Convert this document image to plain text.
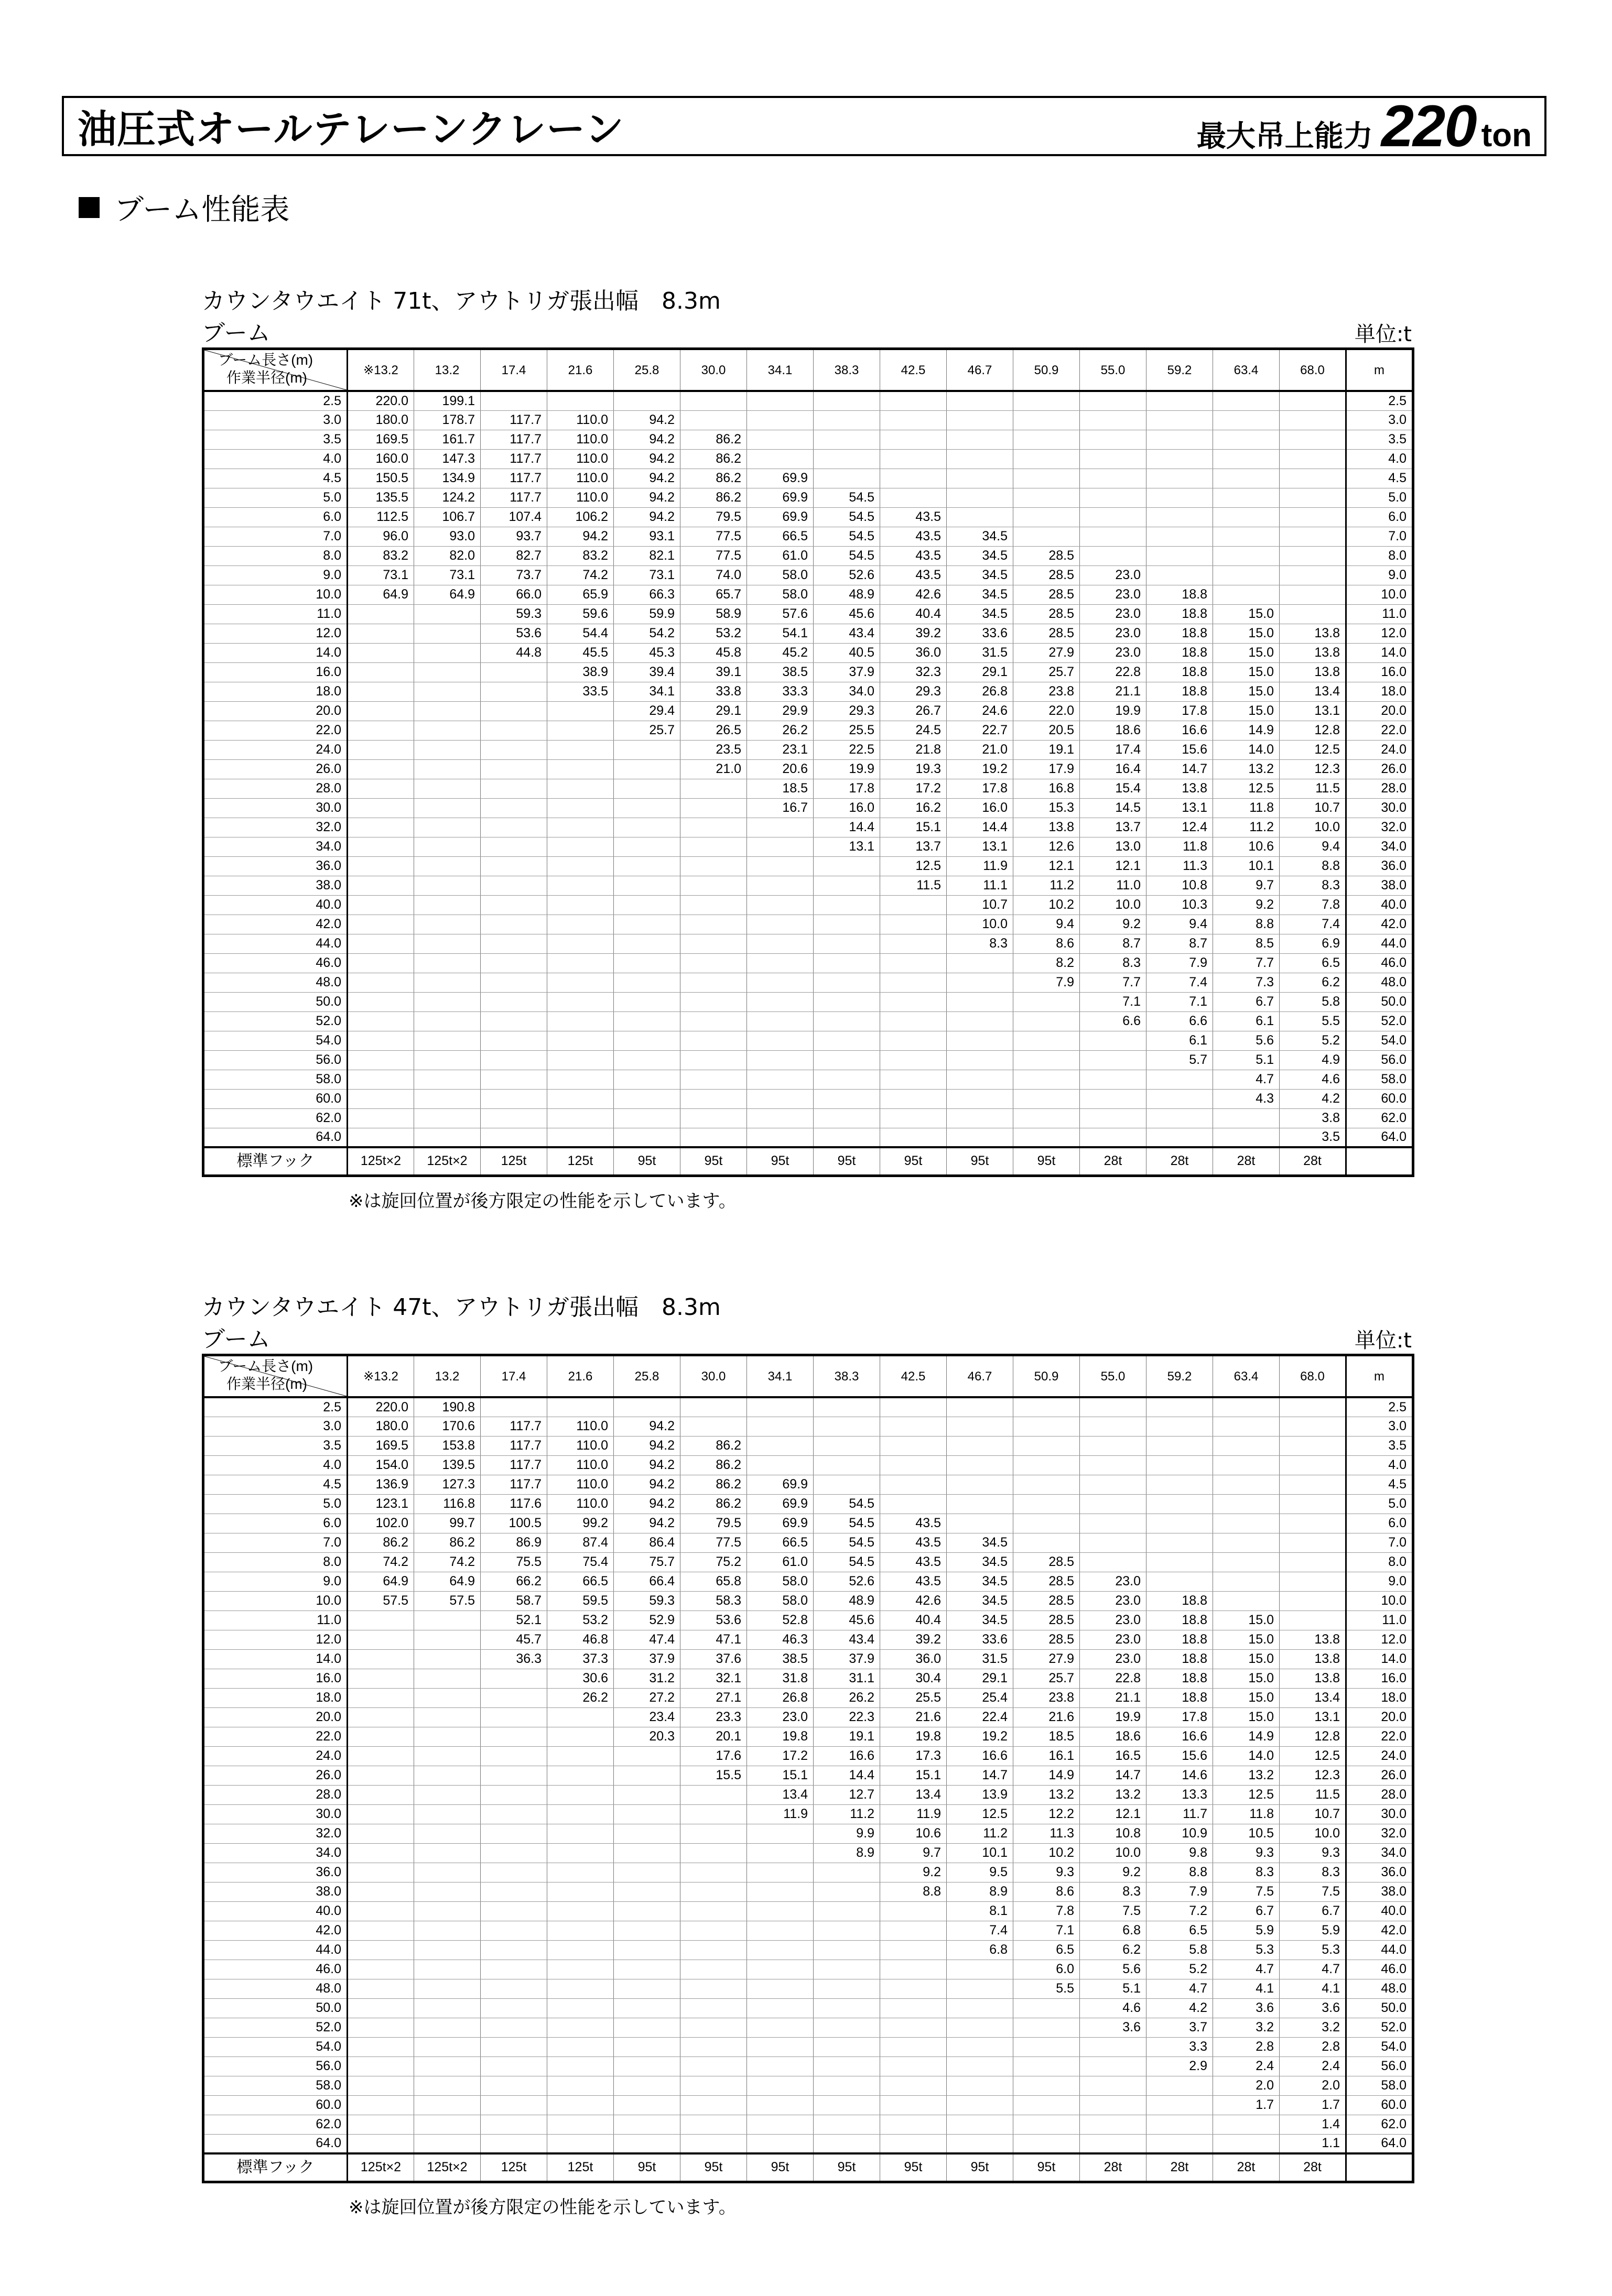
油圧式オールテレーンクレーン	最大吊上能力 220 ton
ブーム性能表
カウンタウエイト 71t、アウトリガ張出幅　8.3m
ブーム	単位:t
ブーム長さ(m)
作業半径(m)	※13.2	13.2	17.4	21.6	25.8	30.0	34.1	38.3	42.5	46.7	50.9	55.0	59.2	63.4	68.0	m
2.5	220.0	199.1														2.5
3.0	180.0	178.7	117.7	110.0	94.2											3.0
3.5	169.5	161.7	117.7	110.0	94.2	86.2										3.5
4.0	160.0	147.3	117.7	110.0	94.2	86.2										4.0
4.5	150.5	134.9	117.7	110.0	94.2	86.2	69.9									4.5
5.0	135.5	124.2	117.7	110.0	94.2	86.2	69.9	54.5								5.0
6.0	112.5	106.7	107.4	106.2	94.2	79.5	69.9	54.5	43.5							6.0
7.0	96.0	93.0	93.7	94.2	93.1	77.5	66.5	54.5	43.5	34.5						7.0
8.0	83.2	82.0	82.7	83.2	82.1	77.5	61.0	54.5	43.5	34.5	28.5					8.0
9.0	73.1	73.1	73.7	74.2	73.1	74.0	58.0	52.6	43.5	34.5	28.5	23.0				9.0
10.0	64.9	64.9	66.0	65.9	66.3	65.7	58.0	48.9	42.6	34.5	28.5	23.0	18.8			10.0
11.0			59.3	59.6	59.9	58.9	57.6	45.6	40.4	34.5	28.5	23.0	18.8	15.0		11.0
12.0			53.6	54.4	54.2	53.2	54.1	43.4	39.2	33.6	28.5	23.0	18.8	15.0	13.8	12.0
14.0			44.8	45.5	45.3	45.8	45.2	40.5	36.0	31.5	27.9	23.0	18.8	15.0	13.8	14.0
16.0				38.9	39.4	39.1	38.5	37.9	32.3	29.1	25.7	22.8	18.8	15.0	13.8	16.0
18.0				33.5	34.1	33.8	33.3	34.0	29.3	26.8	23.8	21.1	18.8	15.0	13.4	18.0
20.0					29.4	29.1	29.9	29.3	26.7	24.6	22.0	19.9	17.8	15.0	13.1	20.0
22.0					25.7	26.5	26.2	25.5	24.5	22.7	20.5	18.6	16.6	14.9	12.8	22.0
24.0						23.5	23.1	22.5	21.8	21.0	19.1	17.4	15.6	14.0	12.5	24.0
26.0						21.0	20.6	19.9	19.3	19.2	17.9	16.4	14.7	13.2	12.3	26.0
28.0							18.5	17.8	17.2	17.8	16.8	15.4	13.8	12.5	11.5	28.0
30.0							16.7	16.0	16.2	16.0	15.3	14.5	13.1	11.8	10.7	30.0
32.0								14.4	15.1	14.4	13.8	13.7	12.4	11.2	10.0	32.0
34.0								13.1	13.7	13.1	12.6	13.0	11.8	10.6	9.4	34.0
36.0									12.5	11.9	12.1	12.1	11.3	10.1	8.8	36.0
38.0									11.5	11.1	11.2	11.0	10.8	9.7	8.3	38.0
40.0										10.7	10.2	10.0	10.3	9.2	7.8	40.0
42.0										10.0	9.4	9.2	9.4	8.8	7.4	42.0
44.0										8.3	8.6	8.7	8.7	8.5	6.9	44.0
46.0											8.2	8.3	7.9	7.7	6.5	46.0
48.0											7.9	7.7	7.4	7.3	6.2	48.0
50.0												7.1	7.1	6.7	5.8	50.0
52.0												6.6	6.6	6.1	5.5	52.0
54.0													6.1	5.6	5.2	54.0
56.0													5.7	5.1	4.9	56.0
58.0														4.7	4.6	58.0
60.0														4.3	4.2	60.0
62.0															3.8	62.0
64.0															3.5	64.0
標準フック	125t×2	125t×2	125t	125t	95t	95t	95t	95t	95t	95t	95t	28t	28t	28t	28t	
※は旋回位置が後方限定の性能を示しています。
カウンタウエイト 47t、アウトリガ張出幅　8.3m
ブーム	単位:t
ブーム長さ(m)
作業半径(m)	※13.2	13.2	17.4	21.6	25.8	30.0	34.1	38.3	42.5	46.7	50.9	55.0	59.2	63.4	68.0	m
2.5	220.0	190.8														2.5
3.0	180.0	170.6	117.7	110.0	94.2											3.0
3.5	169.5	153.8	117.7	110.0	94.2	86.2										3.5
4.0	154.0	139.5	117.7	110.0	94.2	86.2										4.0
4.5	136.9	127.3	117.7	110.0	94.2	86.2	69.9									4.5
5.0	123.1	116.8	117.6	110.0	94.2	86.2	69.9	54.5								5.0
6.0	102.0	99.7	100.5	99.2	94.2	79.5	69.9	54.5	43.5							6.0
7.0	86.2	86.2	86.9	87.4	86.4	77.5	66.5	54.5	43.5	34.5						7.0
8.0	74.2	74.2	75.5	75.4	75.7	75.2	61.0	54.5	43.5	34.5	28.5					8.0
9.0	64.9	64.9	66.2	66.5	66.4	65.8	58.0	52.6	43.5	34.5	28.5	23.0				9.0
10.0	57.5	57.5	58.7	59.5	59.3	58.3	58.0	48.9	42.6	34.5	28.5	23.0	18.8			10.0
11.0			52.1	53.2	52.9	53.6	52.8	45.6	40.4	34.5	28.5	23.0	18.8	15.0		11.0
12.0			45.7	46.8	47.4	47.1	46.3	43.4	39.2	33.6	28.5	23.0	18.8	15.0	13.8	12.0
14.0			36.3	37.3	37.9	37.6	38.5	37.9	36.0	31.5	27.9	23.0	18.8	15.0	13.8	14.0
16.0				30.6	31.2	32.1	31.8	31.1	30.4	29.1	25.7	22.8	18.8	15.0	13.8	16.0
18.0				26.2	27.2	27.1	26.8	26.2	25.5	25.4	23.8	21.1	18.8	15.0	13.4	18.0
20.0					23.4	23.3	23.0	22.3	21.6	22.4	21.6	19.9	17.8	15.0	13.1	20.0
22.0					20.3	20.1	19.8	19.1	19.8	19.2	18.5	18.6	16.6	14.9	12.8	22.0
24.0						17.6	17.2	16.6	17.3	16.6	16.1	16.5	15.6	14.0	12.5	24.0
26.0						15.5	15.1	14.4	15.1	14.7	14.9	14.7	14.6	13.2	12.3	26.0
28.0							13.4	12.7	13.4	13.9	13.2	13.2	13.3	12.5	11.5	28.0
30.0							11.9	11.2	11.9	12.5	12.2	12.1	11.7	11.8	10.7	30.0
32.0								9.9	10.6	11.2	11.3	10.8	10.9	10.5	10.0	32.0
34.0								8.9	9.7	10.1	10.2	10.0	9.8	9.3	9.3	34.0
36.0									9.2	9.5	9.3	9.2	8.8	8.3	8.3	36.0
38.0									8.8	8.9	8.6	8.3	7.9	7.5	7.5	38.0
40.0										8.1	7.8	7.5	7.2	6.7	6.7	40.0
42.0										7.4	7.1	6.8	6.5	5.9	5.9	42.0
44.0										6.8	6.5	6.2	5.8	5.3	5.3	44.0
46.0											6.0	5.6	5.2	4.7	4.7	46.0
48.0											5.5	5.1	4.7	4.1	4.1	48.0
50.0												4.6	4.2	3.6	3.6	50.0
52.0												3.6	3.7	3.2	3.2	52.0
54.0													3.3	2.8	2.8	54.0
56.0													2.9	2.4	2.4	56.0
58.0														2.0	2.0	58.0
60.0														1.7	1.7	60.0
62.0															1.4	62.0
64.0															1.1	64.0
標準フック	125t×2	125t×2	125t	125t	95t	95t	95t	95t	95t	95t	95t	28t	28t	28t	28t	
※は旋回位置が後方限定の性能を示しています。
